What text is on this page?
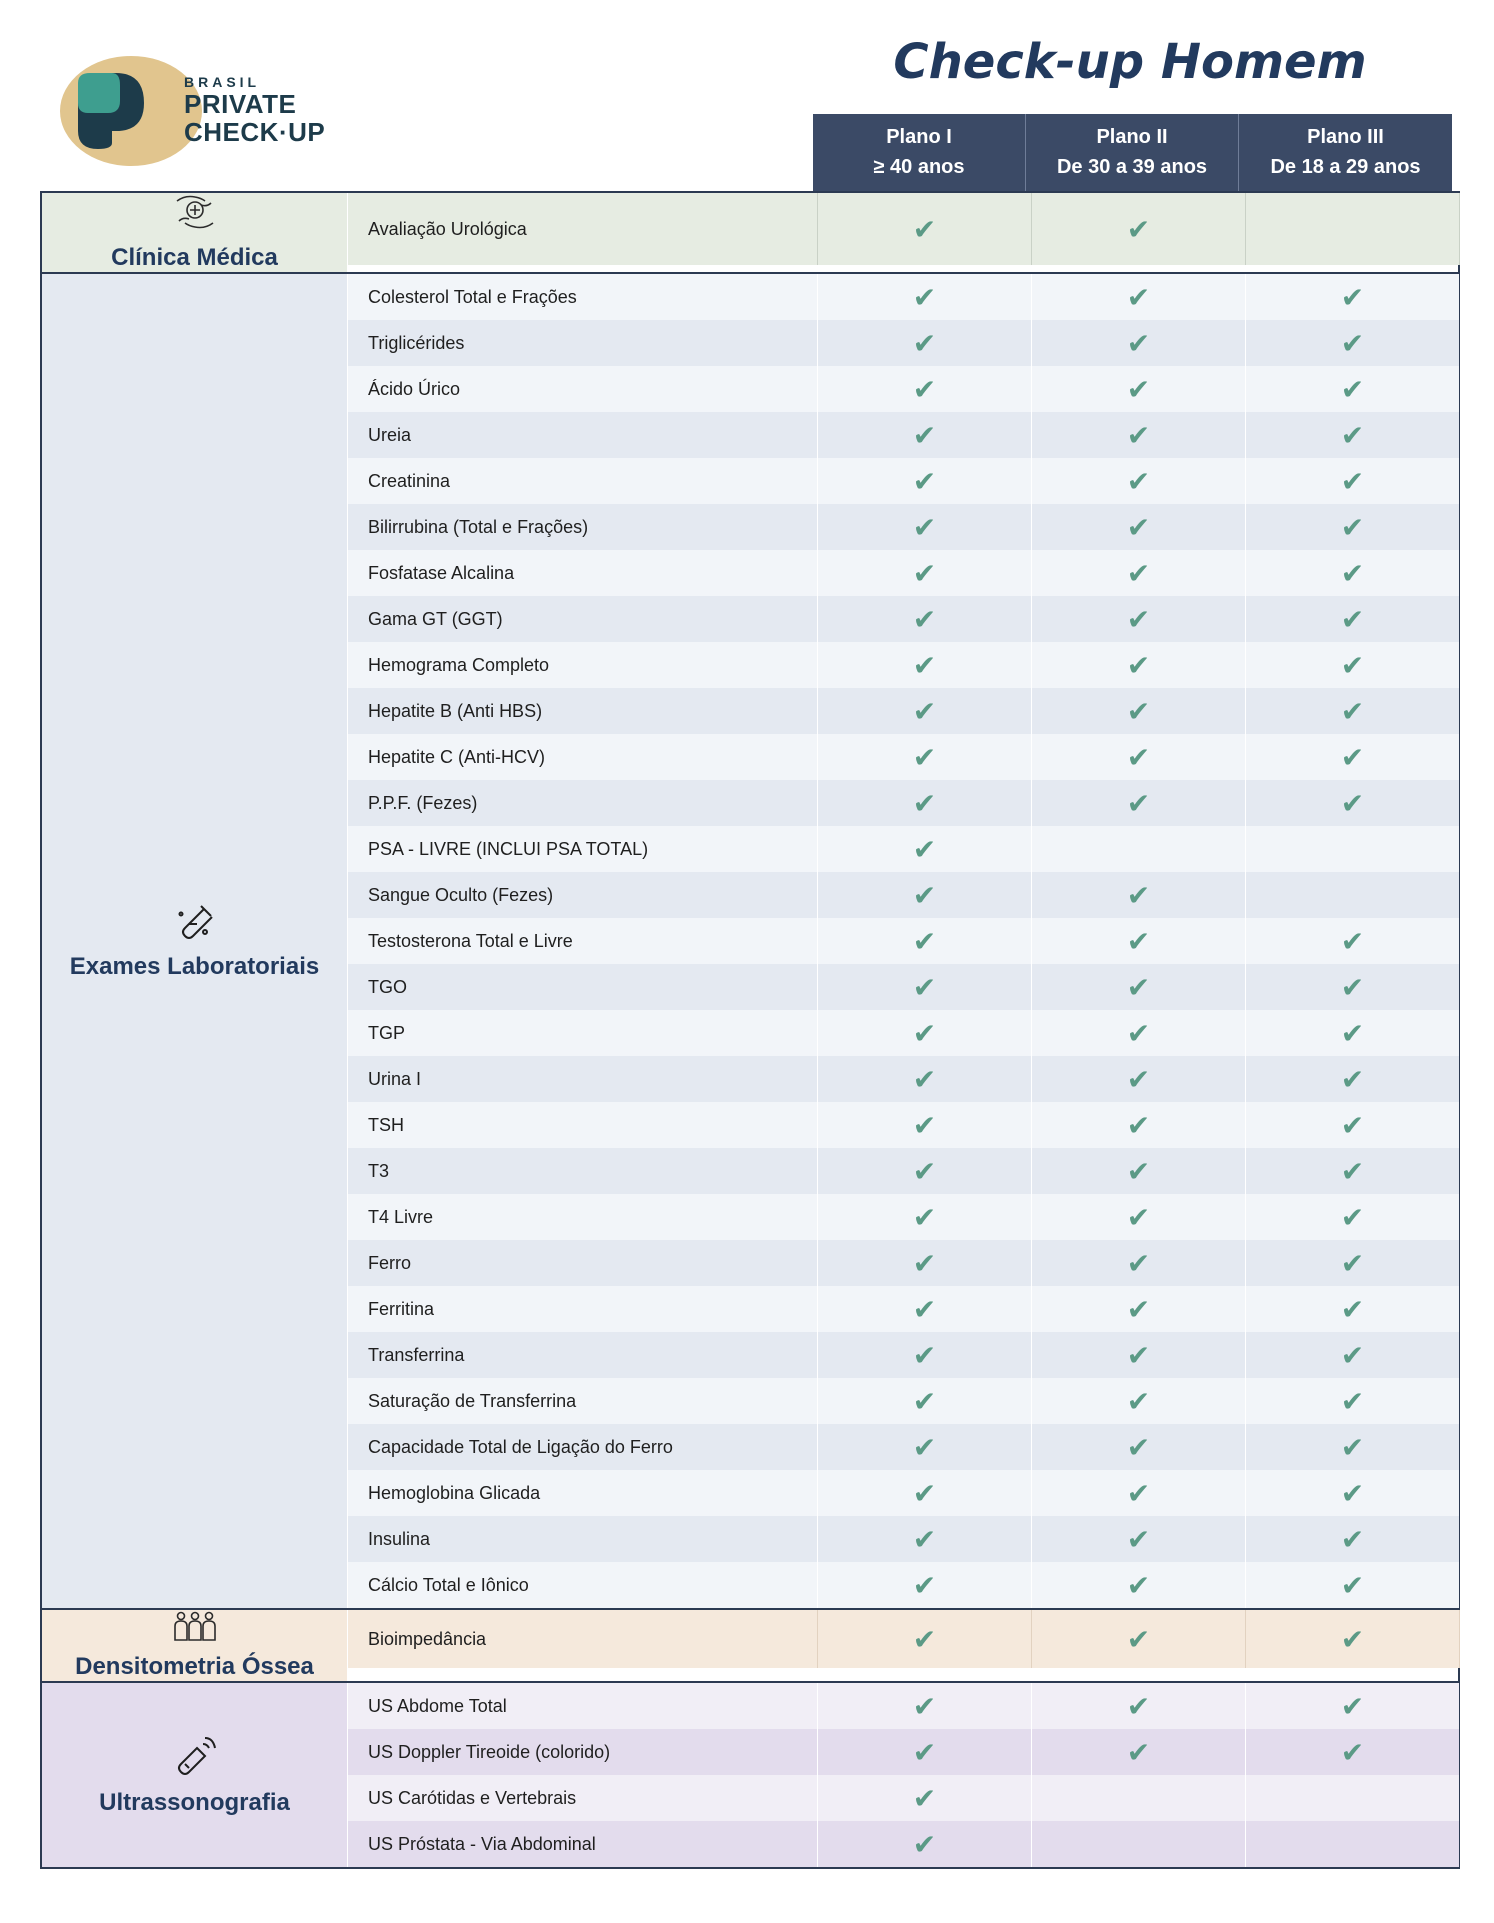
BRASIL
PRIVATE
CHECK·UP
Check-up Homem
Plano I
≥ 40 anos
Plano II
De 30 a 39 anos
Plano III
De 18 a 29 anos
Clínica Médica
Avaliação Urológica	✔	✔
Exames Laboratoriais
Colesterol Total e Frações	✔	✔	✔
Triglicérides	✔	✔	✔
Ácido Úrico	✔	✔	✔
Ureia	✔	✔	✔
Creatinina	✔	✔	✔
Bilirrubina (Total e Frações)	✔	✔	✔
Fosfatase Alcalina	✔	✔	✔
Gama GT (GGT)	✔	✔	✔
Hemograma Completo	✔	✔	✔
Hepatite B (Anti HBS)	✔	✔	✔
Hepatite C (Anti-HCV)	✔	✔	✔
P.P.F. (Fezes)	✔	✔	✔
PSA - LIVRE (INCLUI PSA TOTAL)	✔
Sangue Oculto (Fezes)	✔	✔
Testosterona Total e Livre	✔	✔	✔
TGO	✔	✔	✔
TGP	✔	✔	✔
Urina I	✔	✔	✔
TSH	✔	✔	✔
T3	✔	✔	✔
T4 Livre	✔	✔	✔
Ferro	✔	✔	✔
Ferritina	✔	✔	✔
Transferrina	✔	✔	✔
Saturação de Transferrina	✔	✔	✔
Capacidade Total de Ligação do Ferro	✔	✔	✔
Hemoglobina Glicada	✔	✔	✔
Insulina	✔	✔	✔
Cálcio Total e Iônico	✔	✔	✔
Densitometria Óssea
Bioimpedância	✔	✔	✔
Ultrassonografia
US Abdome Total	✔	✔	✔
US Doppler Tireoide (colorido)	✔	✔	✔
US Carótidas e Vertebrais	✔
US Próstata - Via Abdominal	✔
